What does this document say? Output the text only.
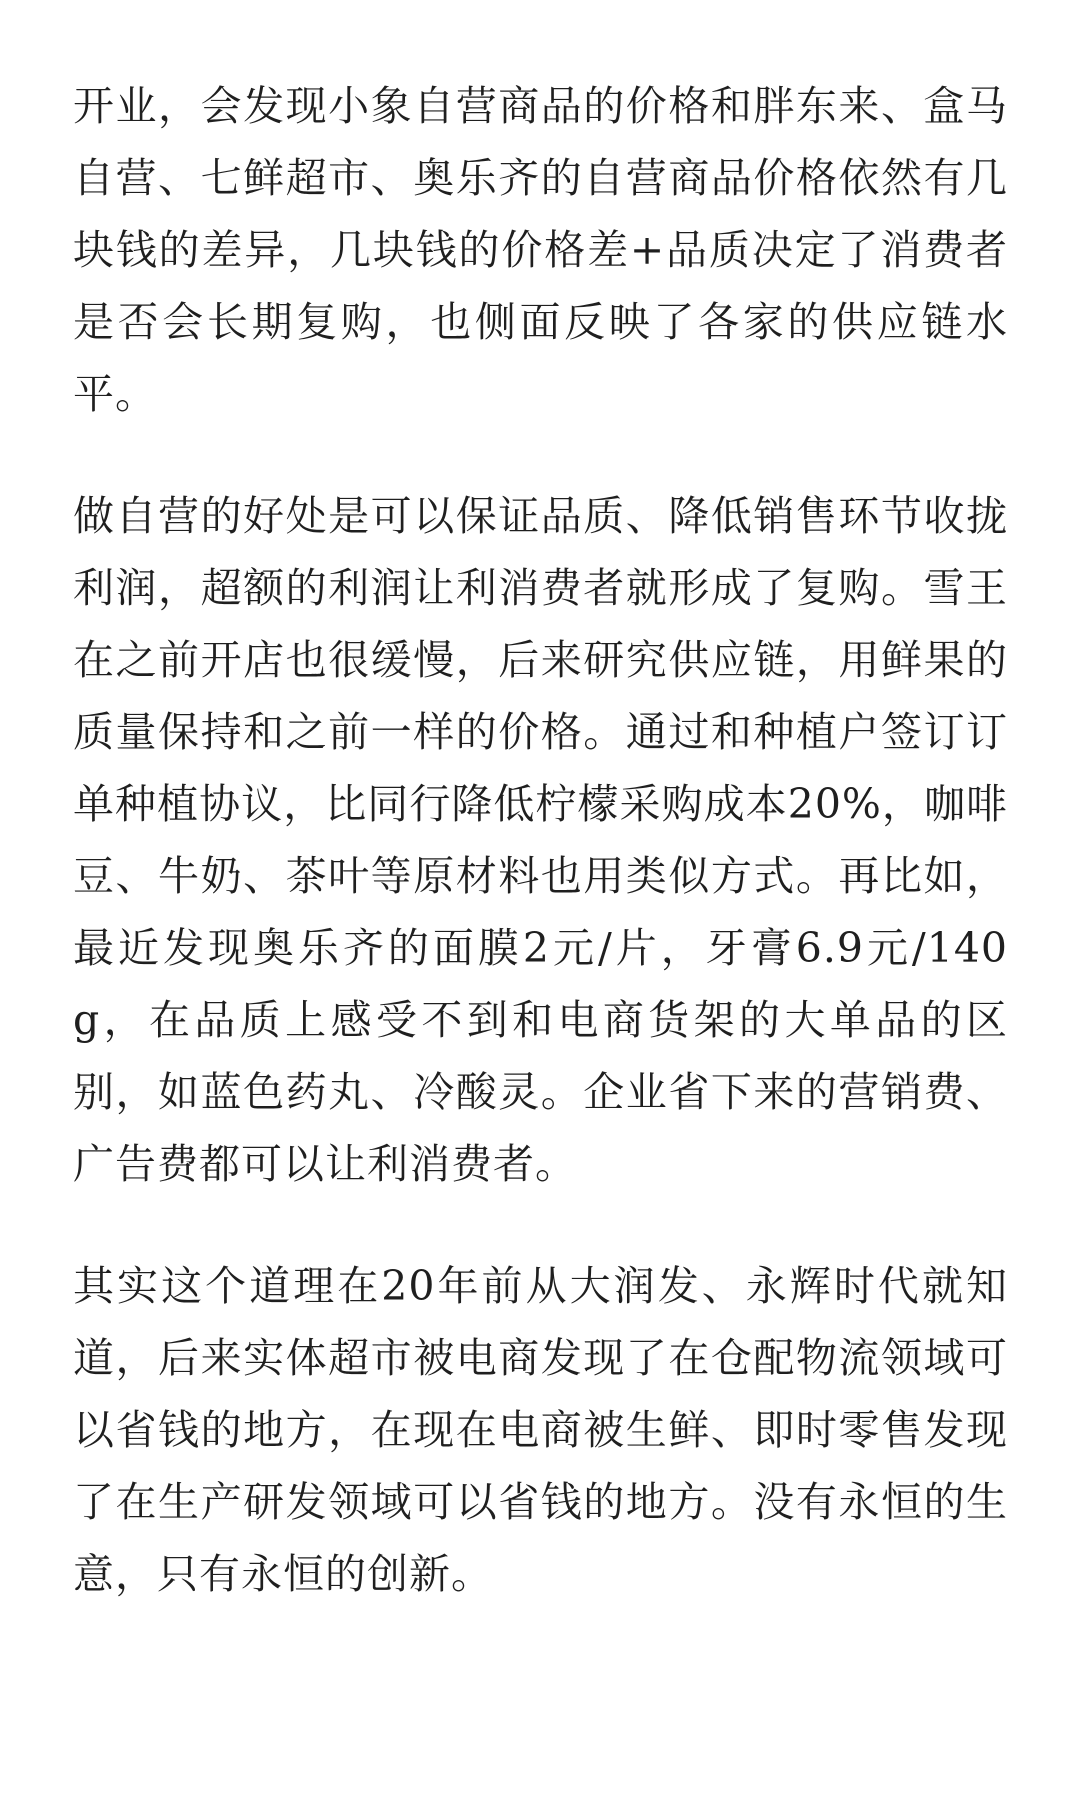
开业，会发现小象自营商品的价格和胖东来、盒马自营、七鲜超市、奥乐齐的自营商品价格依然有几块钱的差异，几块钱的价格差+品质决定了消费者是否会长期复购，也侧面反映了各家的供应链水平。

做自营的好处是可以保证品质、降低销售环节收拢利润，超额的利润让利消费者就形成了复购。雪王在之前开店也很缓慢，后来研究供应链，用鲜果的质量保持和之前一样的价格。通过和种植户签订订单种植协议，比同行降低柠檬采购成本20%，咖啡豆、牛奶、茶叶等原材料也用类似方式。再比如，最近发现奥乐齐的面膜2元/片，牙膏6.9元/140g，在品质上感受不到和电商货架的大单品的区别，如蓝色药丸、冷酸灵。企业省下来的营销费、广告费都可以让利消费者。

其实这个道理在20年前从大润发、永辉时代就知道，后来实体超市被电商发现了在仓配物流领域可以省钱的地方，在现在电商被生鲜、即时零售发现了在生产研发领域可以省钱的地方。没有永恒的生意，只有永恒的创新。
